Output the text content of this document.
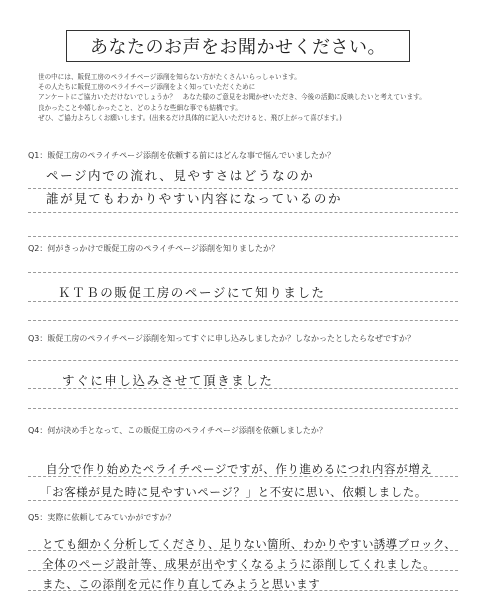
あなたのお声をお聞かせください。
世の中には、販促工房のペライチページ添削を知らない方がたくさんいらっしゃいます。
その人たちに販促工房のペライチページ添削をよく知っていただくために
アンケートにご協力いただけないでしょうか？　あなた様のご意見をお聞かせいただき、今後の活動に反映したいと考えています。
良かったことや嬉しかったこと、どのような些細な事でも結構です。
ぜひ、ご協力よろしくお願いします。(出来るだけ具体的に記入いただけると、飛び上がって喜びます。)
Q1：販促工房のペライチページ添削を依頼する前にはどんな事で悩んでいましたか？
ページ内での流れ、見やすさはどうなのか
誰が見てもわかりやすい内容になっているのか
Q2：何がきっかけで販促工房のペライチページ添削を知りましたか？
ＫＴＢの販促工房のページにて知りました
Q3：販促工房のペライチページ添削を知ってすぐに申し込みしましたか？しなかったとしたらなぜですか？
すぐに申し込みさせて頂きました
Q4：何が決め手となって、この販促工房のペライチページ添削を依頼しましたか？
自分で作り始めたペライチページですが、作り進めるにつれ内容が増え
「お客様が見た時に見やすいページ？」と不安に思い、依頼しました。
Q5：実際に依頼してみていかがですか？
とても細かく分析してくださり、足りない箇所、わかりやすい誘導ブロック、
全体のページ設計等、成果が出やすくなるように添削してくれました。
また、この添削を元に作り直してみようと思います
